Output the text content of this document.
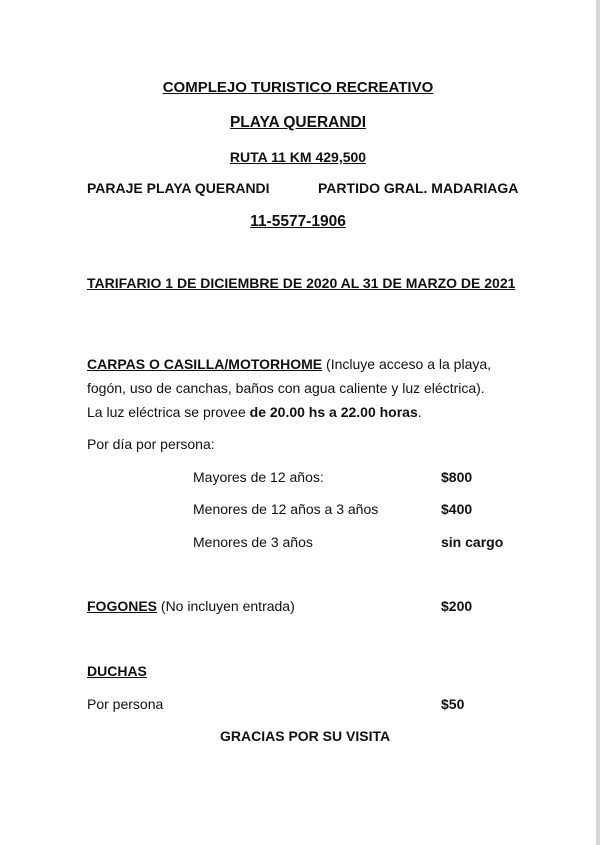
COMPLEJO TURISTICO RECREATIVO
PLAYA QUERANDI
RUTA 11 KM 429,500
PARAJE PLAYA QUERANDI	PARTIDO GRAL. MADARIAGA
11-5577-1906
TARIFARIO 1 DE DICIEMBRE DE 2020 AL 31 DE MARZO DE 2021
CARPAS O CASILLA/MOTORHOME (Incluye acceso a la playa,
fogón, uso de canchas, baños con agua caliente y luz eléctrica).
La luz eléctrica se provee de 20.00 hs a 22.00 horas.
Por día por persona:
Mayores de 12 años:	$800
Menores de 12 años a 3 años	$400
Menores de 3 años	sin cargo
FOGONES (No incluyen entrada)	$200
DUCHAS
Por persona	$50
GRACIAS POR SU VISITA
